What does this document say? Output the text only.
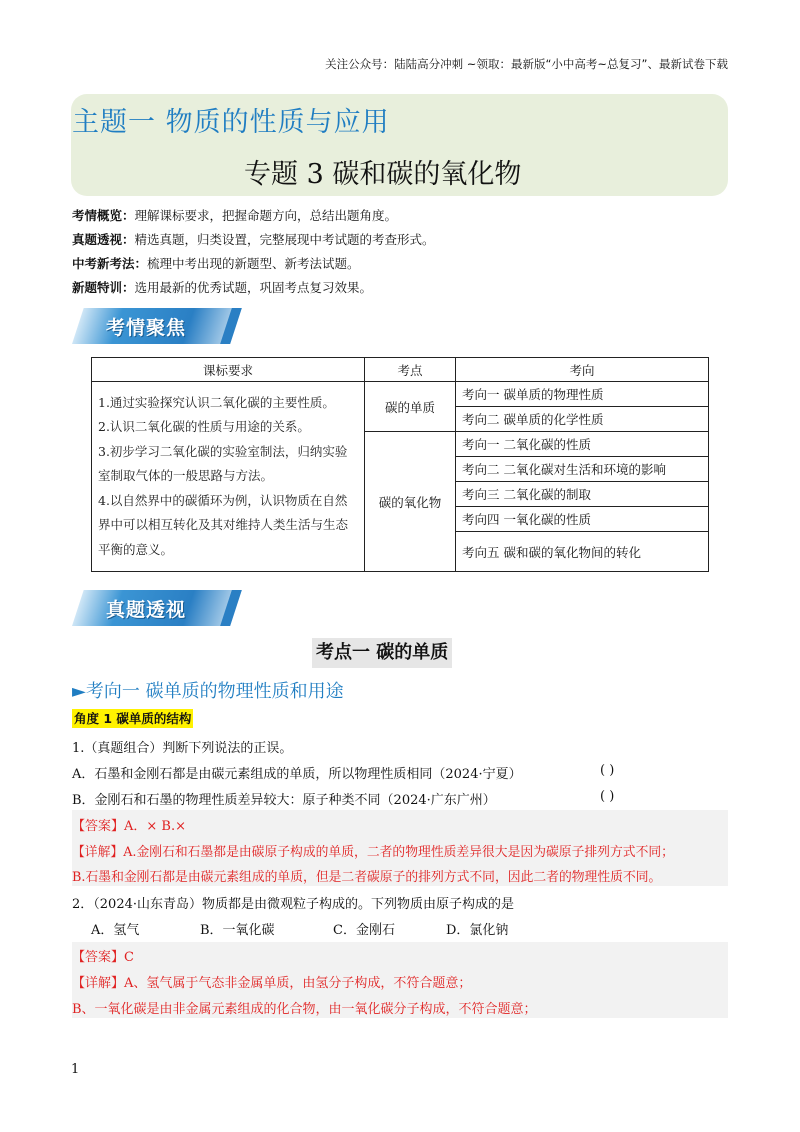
关注公众号：陆陆高分冲刺 ~领取：最新版“小中高考~总复习”、最新试卷下载
主题一 物质的性质与应用
专题 3 碳和碳的氧化物
考情概览：理解课标要求，把握命题方向，总结出题角度。
真题透视：精选真题，归类设置，完整展现中考试题的考查形式。
中考新考法：梳理中考出现的新题型、新考法试题。
新题特训：选用最新的优秀试题，巩固考点复习效果。
考情聚焦
课标要求	考点	考向

1.通过实验探究认识二氧化碳的主要性质。
2.认识二氧化碳的性质与用途的关系。
3.初步学习二氧化碳的实验室制法，归纳实验室制取气体的一般思路与方法。
4.以自然界中的碳循环为例，认识物质在自然界中可以相互转化及其对维持人类生活与生态平衡的意义。	碳的单质	考向一 碳单质的物理性质
		考向二 碳单质的化学性质
	碳的氧化物	考向一 二氧化碳的性质
		考向二 二氧化碳对生活和环境的影响
		考向三 二氧化碳的制取
		考向四 一氧化碳的性质
		考向五 碳和碳的氧化物间的转化
真题透视
考点一 碳的单质
►考向一 碳单质的物理性质和用途
角度 1 碳单质的结构
1.（真题组合）判断下列说法的正误。
A．石墨和金刚石都是由碳元素组成的单质，所以物理性质相同（2024·宁夏）	( )
B．金刚石和石墨的物理性质差异较大：原子种类不同（2024·广东广州）	( )
【答案】A．× B.×
【详解】A.金刚石和石墨都是由碳原子构成的单质，二者的物理性质差异很大是因为碳原子排列方式不同；
B.石墨和金刚石都是由碳元素组成的单质，但是二者碳原子的排列方式不同，因此二者的物理性质不同。
2．（2024·山东青岛）物质都是由微观粒子构成的。下列物质由原子构成的是
A．氢气	B．一氧化碳	C．金刚石	D．氯化钠
【答案】C
【详解】A、氢气属于气态非金属单质，由氢分子构成，不符合题意；
B、一氧化碳是由非金属元素组成的化合物，由一氧化碳分子构成，不符合题意；
1
